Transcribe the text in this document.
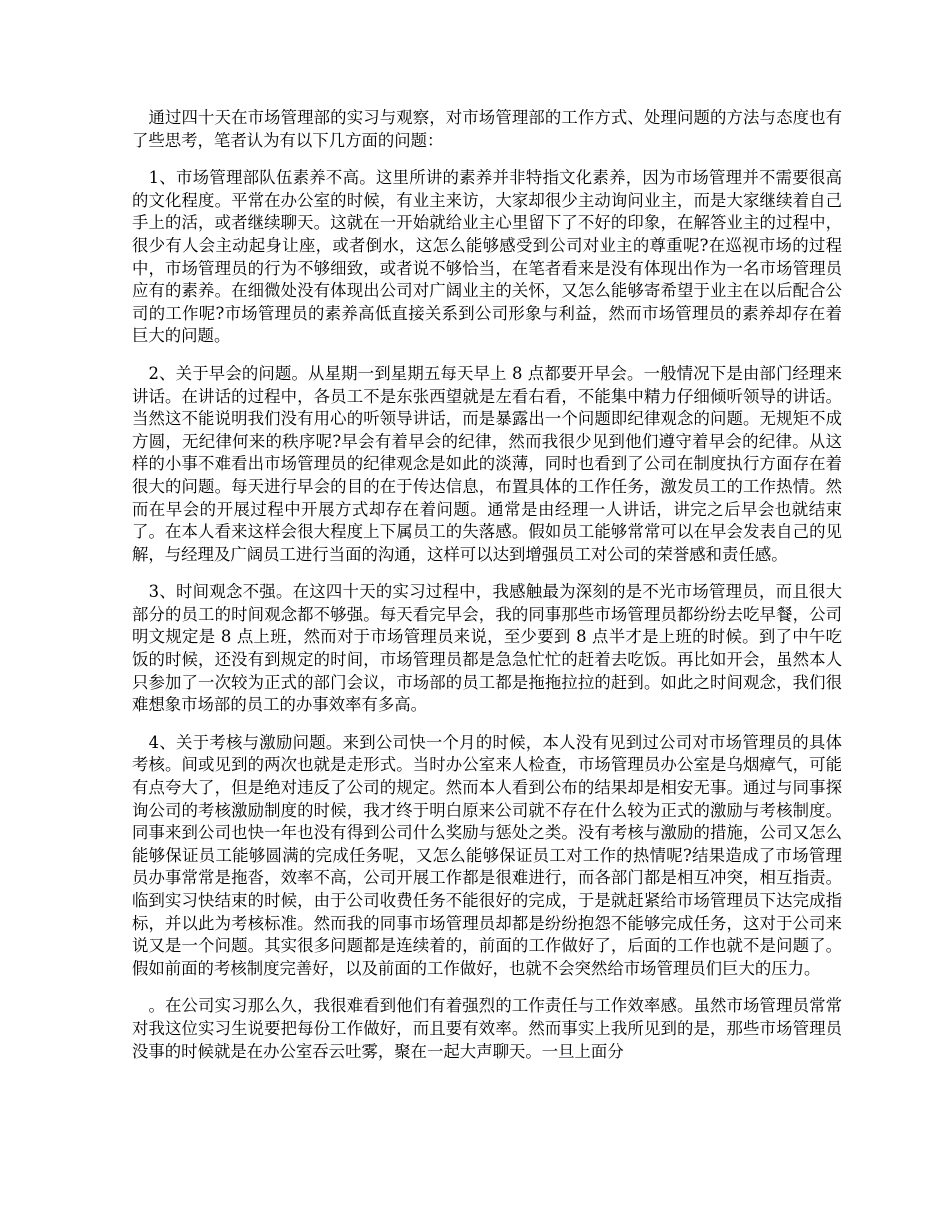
　通过四十天在市场管理部的实习与观察，对市场管理部的工作方式、处理问题的方法与态度也有了些思考，笔者认为有以下几方面的问题：

　1、市场管理部队伍素养不高。这里所讲的素养并非特指文化素养，因为市场管理并不需要很高的文化程度。平常在办公室的时候，有业主来访，大家却很少主动询问业主，而是大家继续着自己手上的活，或者继续聊天。这就在一开始就给业主心里留下了不好的印象，在解答业主的过程中，很少有人会主动起身让座，或者倒水，这怎么能够感受到公司对业主的尊重呢?在巡视市场的过程中，市场管理员的行为不够细致，或者说不够恰当，在笔者看来是没有体现出作为一名市场管理员应有的素养。在细微处没有体现出公司对广阔业主的关怀，又怎么能够寄希望于业主在以后配合公司的工作呢?市场管理员的素养高低直接关系到公司形象与利益，然而市场管理员的素养却存在着巨大的问题。

　2、关于早会的问题。从星期一到星期五每天早上 8 点都要开早会。一般情况下是由部门经理来讲话。在讲话的过程中，各员工不是东张西望就是左看右看，不能集中精力仔细倾听领导的讲话。当然这不能说明我们没有用心的听领导讲话，而是暴露出一个问题即纪律观念的问题。无规矩不成方圆，无纪律何来的秩序呢?早会有着早会的纪律，然而我很少见到他们遵守着早会的纪律。从这样的小事不难看出市场管理员的纪律观念是如此的淡薄，同时也看到了公司在制度执行方面存在着很大的问题。每天进行早会的目的在于传达信息，布置具体的工作任务，激发员工的工作热情。然而在早会的开展过程中开展方式却存在着问题。通常是由经理一人讲话，讲完之后早会也就结束了。在本人看来这样会很大程度上下属员工的失落感。假如员工能够常常可以在早会发表自己的见解，与经理及广阔员工进行当面的沟通，这样可以达到增强员工对公司的荣誉感和责任感。

　3、时间观念不强。在这四十天的实习过程中，我感触最为深刻的是不光市场管理员，而且很大部分的员工的时间观念都不够强。每天看完早会，我的同事那些市场管理员都纷纷去吃早餐，公司明文规定是 8 点上班，然而对于市场管理员来说，至少要到 8 点半才是上班的时候。到了中午吃饭的时候，还没有到规定的时间，市场管理员都是急急忙忙的赶着去吃饭。再比如开会，虽然本人只参加了一次较为正式的部门会议，市场部的员工都是拖拖拉拉的赶到。如此之时间观念，我们很难想象市场部的员工的办事效率有多高。

　4、关于考核与激励问题。来到公司快一个月的时候，本人没有见到过公司对市场管理员的具体考核。间或见到的两次也就是走形式。当时办公室来人检查，市场管理员办公室是乌烟瘴气，可能有点夸大了，但是绝对违反了公司的规定。然而本人看到公布的结果却是相安无事。通过与同事探询公司的考核激励制度的时候，我才终于明白原来公司就不存在什么较为正式的激励与考核制度。同事来到公司也快一年也没有得到公司什么奖励与惩处之类。没有考核与激励的措施，公司又怎么能够保证员工能够圆满的完成任务呢，又怎么能够保证员工对工作的热情呢?结果造成了市场管理员办事常常是拖沓，效率不高，公司开展工作都是很难进行，而各部门都是相互冲突，相互指责。临到实习快结束的时候，由于公司收费任务不能很好的完成，于是就赶紧给市场管理员下达完成指标，并以此为考核标准。然而我的同事市场管理员却都是纷纷抱怨不能够完成任务，这对于公司来说又是一个问题。其实很多问题都是连续着的，前面的工作做好了，后面的工作也就不是问题了。假如前面的考核制度完善好，以及前面的工作做好，也就不会突然给市场管理员们巨大的压力。

　。在公司实习那么久，我很难看到他们有着强烈的工作责任与工作效率感。虽然市场管理员常常对我这位实习生说要把每份工作做好，而且要有效率。然而事实上我所见到的是，那些市场管理员没事的时候就是在办公室吞云吐雾，聚在一起大声聊天。一旦上面分
